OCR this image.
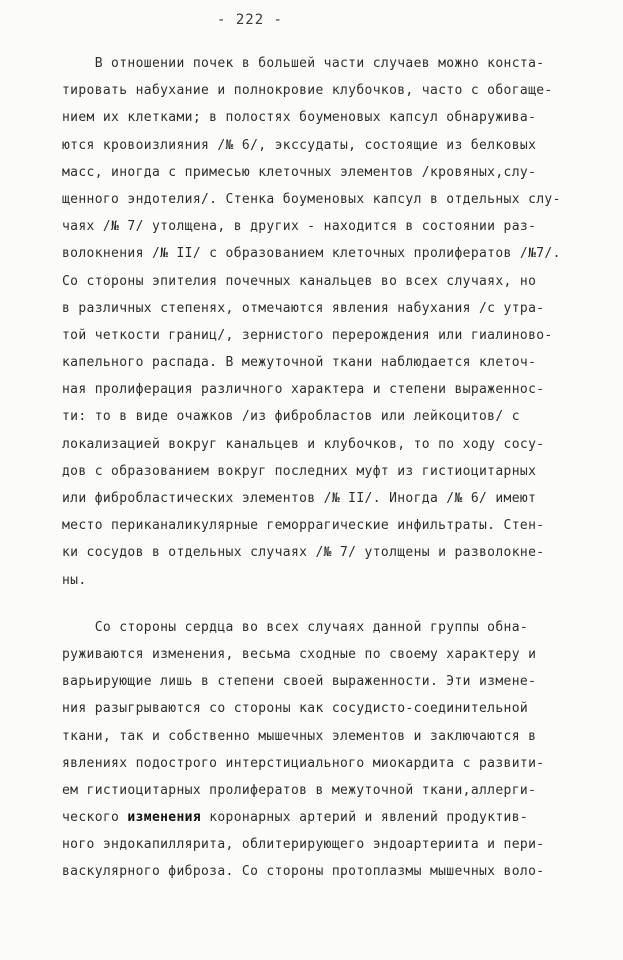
- 222 -
В отношении почек в большей части случаев можно конста-
тировать набухание и полнокровие клубочков, часто с обогаще-
нием их клетками; в полостях боуменовых капсул обнаруживa-
ются кровоизлияния /№ 6/, экссудаты, состоящие из белковых
масс, иногда с примесью клеточных элементов /кровяных,слу-
щенного эндотелия/. Стенка боуменовых капсул в отдельных слу-
чаях /№ 7/ утолщена, в других - находится в состоянии раз-
волокнения /№ II/ с образованием клеточных пролифератов /№7/.
Со стороны эпителия почечных канальцев во всех случаях, но
в различных степенях, отмечаются явления набухания /с утра-
той четкости границ/, зернистого перерождения или гиалиново-
капельного распада. В межуточной ткани наблюдается клеточ-
ная пролиферация различного характера и степени выраженнос-
ти: то в виде очажков /из фибробластов или лейкоцитов/ с
локализацией вокруг канальцев и клубочков, то по ходу сосу-
дов с образованием вокруг последних муфт из гистиоцитарных
или фибробластических элементов /№ II/. Иногда /№ 6/ имеют
место периканаликулярные геморрагические инфильтраты. Стен-
ки сосудов в отдельных случаях /№ 7/ утолщены и разволокне-
ны.
Со стороны сердца во всех случаях данной группы обна-
руживаются изменения, весьма сходные по своему характеру и
варьирующие лишь в степени своей выраженности. Эти измене-
ния разыгрываются со стороны как сосудисто-соединительной
ткани, так и собственно мышечных элементов и заключаются в
явлениях подострого интерстициального миокардита с развити-
ем гистиоцитарных пролифератов в межуточной ткани,аллерги-
ческого изменения коронарных артерий и явлений продуктив-
ного эндокапиллярита, облитерирующего эндоартериита и пери-
васкулярного фиброза. Со стороны протоплазмы мышечных воло-
